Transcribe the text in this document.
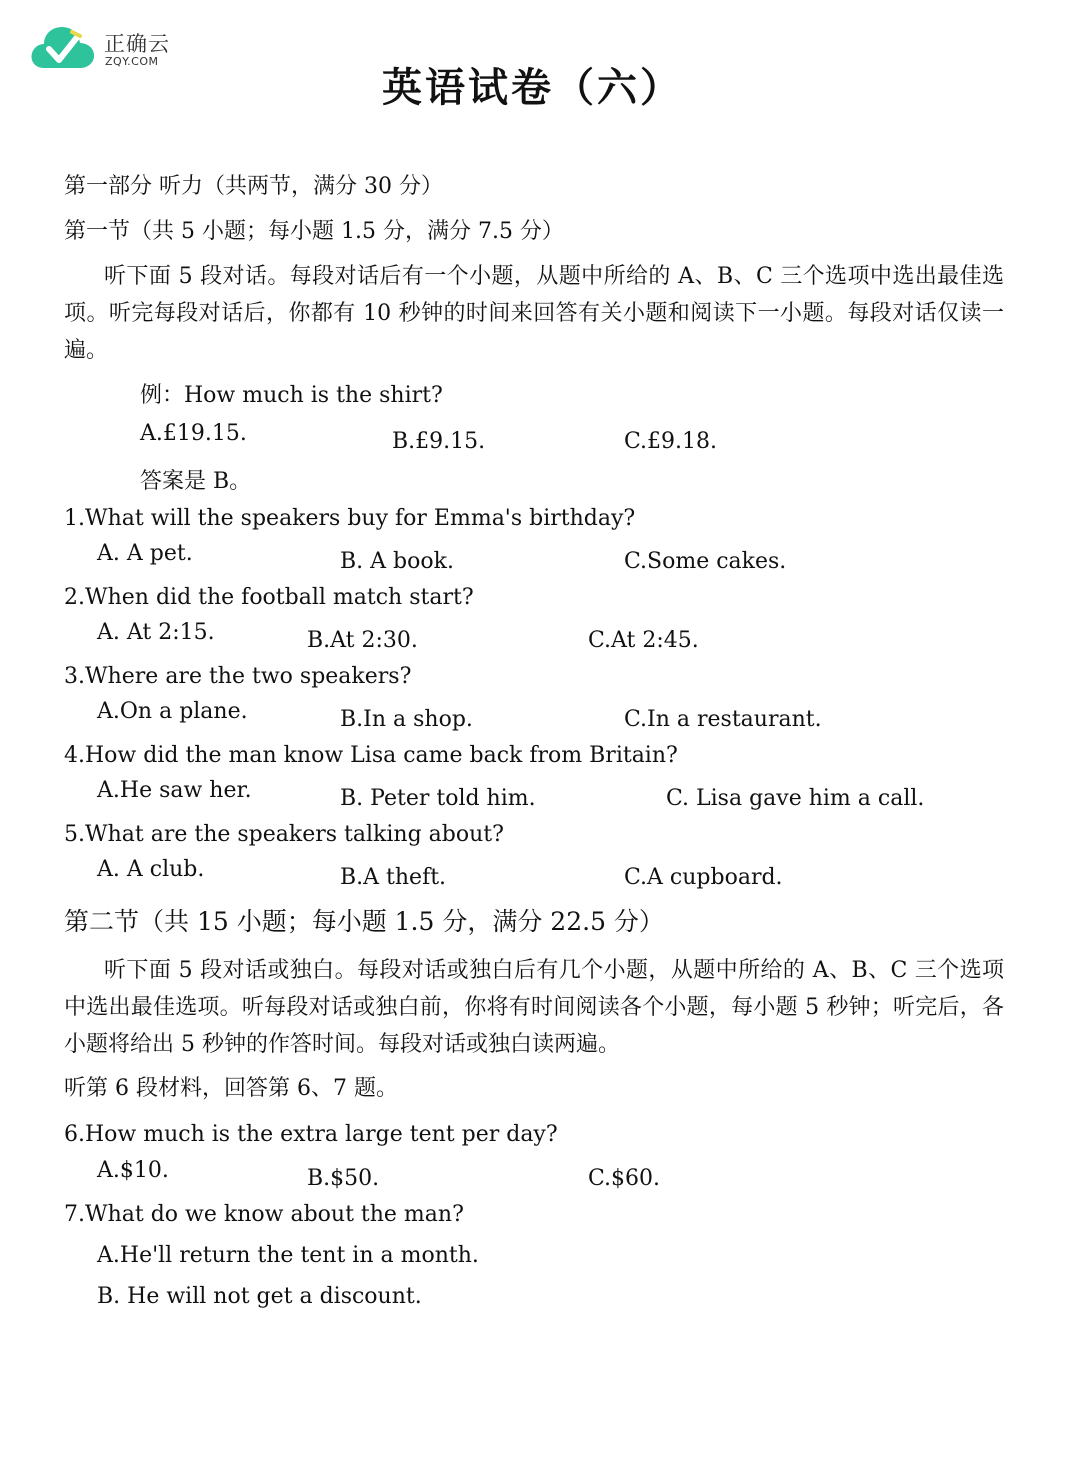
正确云
ZQY.COM
英语试卷（六）
第一部分 听力（共两节，满分 30 分）
第一节（共 5 小题；每小题 1.5 分，满分 7.5 分）
听下面 5 段对话。每段对话后有一个小题，从题中所给的 A、B、C 三个选项中选出最佳选项。听完每段对话后，你都有 10 秒钟的时间来回答有关小题和阅读下一小题。每段对话仅读一遍。
例：How much is the shirt?
A.£19.15.	B.£9.15.	C.£9.18.
答案是 B。
1.What will the speakers buy for Emma's birthday?
A. A pet.	B. A book.	C.Some cakes.
2.When did the football match start?
A. At 2:15.	B.At 2:30.	C.At 2:45.
3.Where are the two speakers?
A.On a plane.	B.In a shop.	C.In a restaurant.
4.How did the man know Lisa came back from Britain?
A.He saw her.	B. Peter told him.	C. Lisa gave him a call.
5.What are the speakers talking about?
A. A club.	B.A theft.	C.A cupboard.
第二节（共 15 小题；每小题 1.5 分，满分 22.5 分）
听下面 5 段对话或独白。每段对话或独白后有几个小题，从题中所给的 A、B、C 三个选项中选出最佳选项。听每段对话或独白前，你将有时间阅读各个小题，每小题 5 秒钟；听完后，各小题将给出 5 秒钟的作答时间。每段对话或独白读两遍。
听第 6 段材料，回答第 6、7 题。
6.How much is the extra large tent per day?
A.$10.	B.$50.	C.$60.
7.What do we know about the man?
A.He'll return the tent in a month.
B. He will not get a discount.
